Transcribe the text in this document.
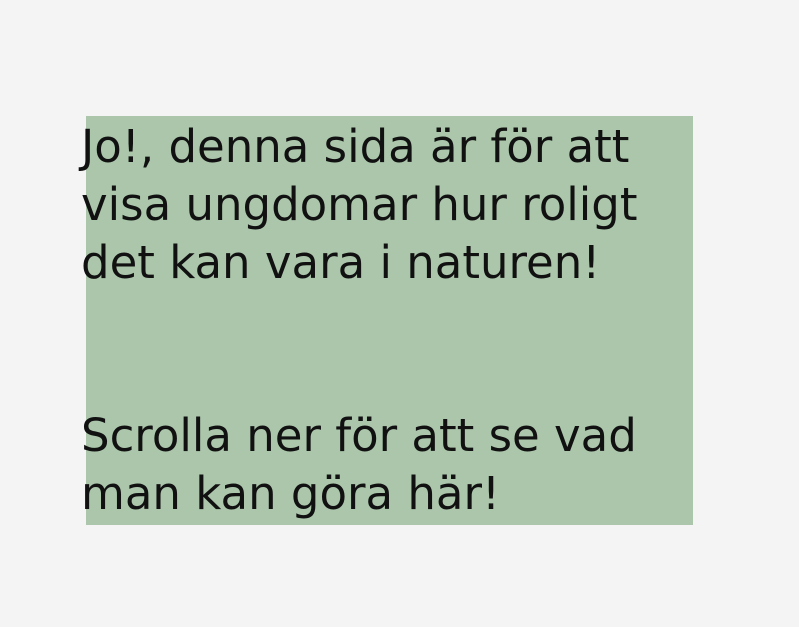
Jo!, denna sida är för att visa ungdomar hur roligt det kan vara i naturen!

Scrolla ner för att se vad man kan göra här!
